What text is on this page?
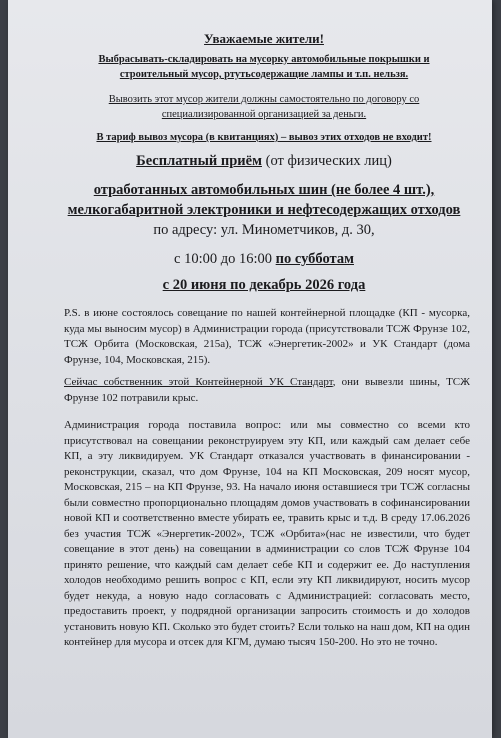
Уважаемые жители!
Выбрасывать-складировать на мусорку автомобильные покрышки и строительный мусор, ртутьсодержащие лампы и т.п. нельзя.
Вывозить этот мусор жители должны самостоятельно по договору со специализированной организацией за деньги.
В тариф вывоз мусора (в квитанциях) – вывоз этих отходов не входит!
Бесплатный приём (от физических лиц)
отработанных автомобильных шин (не более 4 шт.), мелкогабаритной электроники и нефтесодержащих отходов по адресу: ул. Минометчиков, д. 30,
с 10:00 до 16:00 по субботам
с 20 июня по декабрь 2026 года
P.S. в июне состоялось совещание по нашей контейнерной площадке (КП - мусорка, куда мы выносим мусор) в Администрации города (присутствовали ТСЖ Фрунзе 102, ТСЖ Орбита (Московская, 215а), ТСЖ «Энергетик-2002» и УК Стандарт (дома Фрунзе, 104, Московская, 215).
Сейчас собственник этой Контейнерной УК Стандарт, они вывезли шины, ТСЖ Фрунзе 102 потравили крыс.
Администрация города поставила вопрос: или мы совместно со всеми кто присутствовал на совещании реконструируем эту КП, или каждый сам делает себе КП, а эту ликвидируем. УК Стандарт отказался участвовать в финансировании - реконструкции, сказал, что дом Фрунзе, 104 на КП Московская, 209 носят мусор, Московская, 215 – на КП Фрунзе, 93. На начало июня оставшиеся три ТСЖ согласны были совместно пропорционально площадям домов участвовать в софинансировании новой КП и соответственно вместе убирать ее, травить крыс и т.д. В среду 17.06.2026 без участия ТСЖ «Энергетик-2002», ТСЖ «Орбита»(нас не известили, что будет совещание в этот день) на совещании в администрации со слов ТСЖ Фрунзе 104 принято решение, что каждый сам делает себе КП и содержит ее. До наступления холодов необходимо решить вопрос с КП, если эту КП ликвидируют, носить мусор будет некуда, а новую надо согласовать с Администрацией: согласовать место, предоставить проект, у подрядной организации запросить стоимость и до холодов установить новую КП. Сколько это будет стоить? Если только на наш дом, КП на один контейнер для мусора и отсек для КГМ, думаю тысяч 150-200. Но это не точно.
